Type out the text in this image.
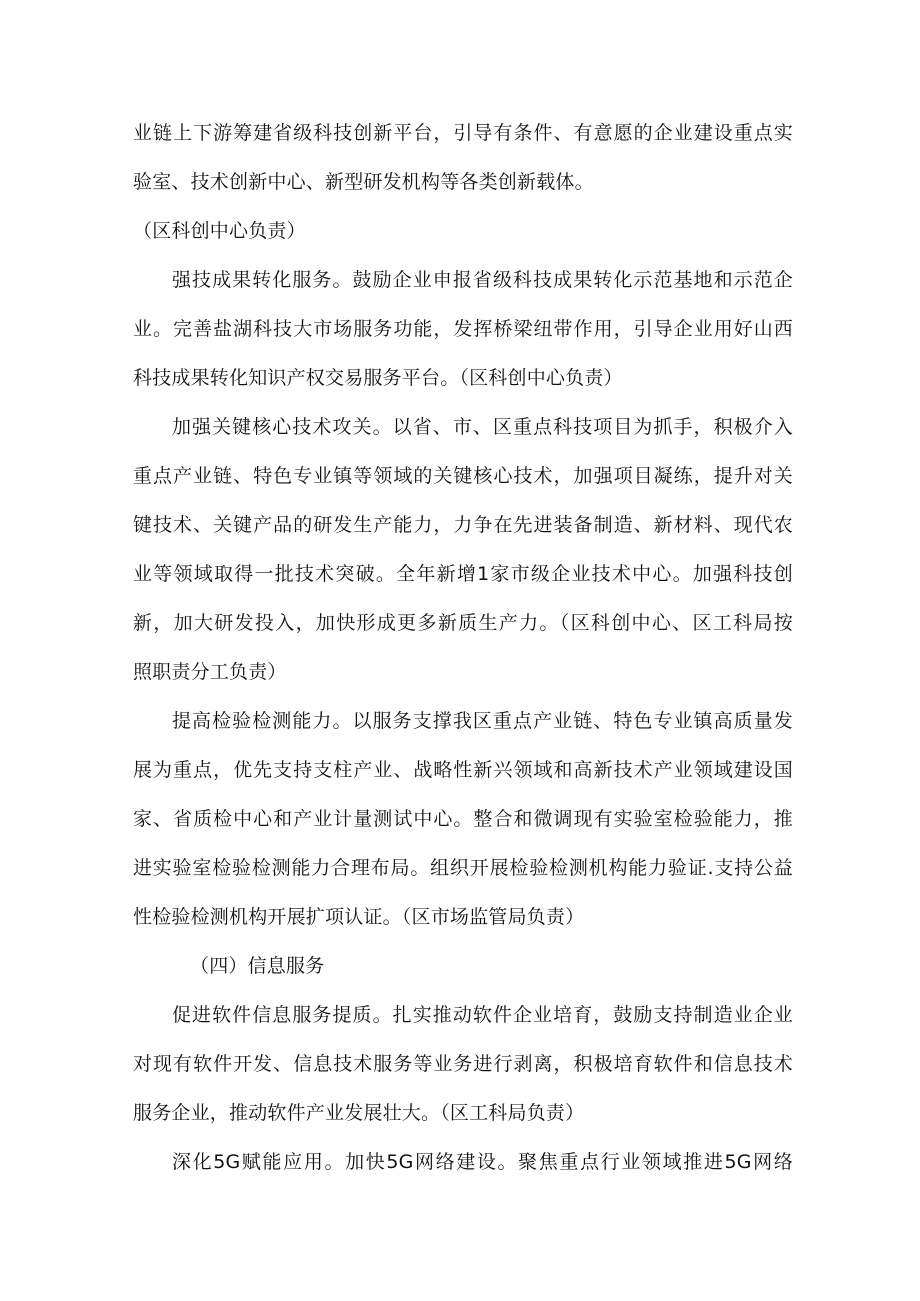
业链上下游筹建省级科技创新平台，引导有条件、有意愿的企业建设重点实
验室、技术创新中心、新型研发机构等各类创新载体。
（区科创中心负责）
强技成果转化服务。鼓励企业申报省级科技成果转化示范基地和示范企
业。完善盐湖科技大市场服务功能，发挥桥梁纽带作用，引导企业用好山西
科技成果转化知识产权交易服务平台。（区科创中心负责）
加强关键核心技术攻关。以省、市、区重点科技项目为抓手，积极介入
重点产业链、特色专业镇等领域的关键核心技术，加强项目凝练，提升对关
键技术、关键产品的研发生产能力，力争在先进装备制造、新材料、现代农
业等领域取得一批技术突破。全年新增1家市级企业技术中心。加强科技创
新，加大研发投入，加快形成更多新质生产力。（区科创中心、区工科局按
照职责分工负责）
提高检验检测能力。以服务支撑我区重点产业链、特色专业镇高质量发
展为重点，优先支持支柱产业、战略性新兴领域和高新技术产业领域建设国
家、省质检中心和产业计量测试中心。整合和微调现有实验室检验能力，推
进实验室检验检测能力合理布局。组织开展检验检测机构能力验证.支持公益
性检验检测机构开展扩项认证。（区市场监管局负责）
（四）信息服务
促进软件信息服务提质。扎实推动软件企业培育，鼓励支持制造业企业
对现有软件开发、信息技术服务等业务进行剥离，积极培育软件和信息技术
服务企业，推动软件产业发展壮大。（区工科局负责）
深化5G赋能应用。加快5G网络建设。聚焦重点行业领域推进5G网络
